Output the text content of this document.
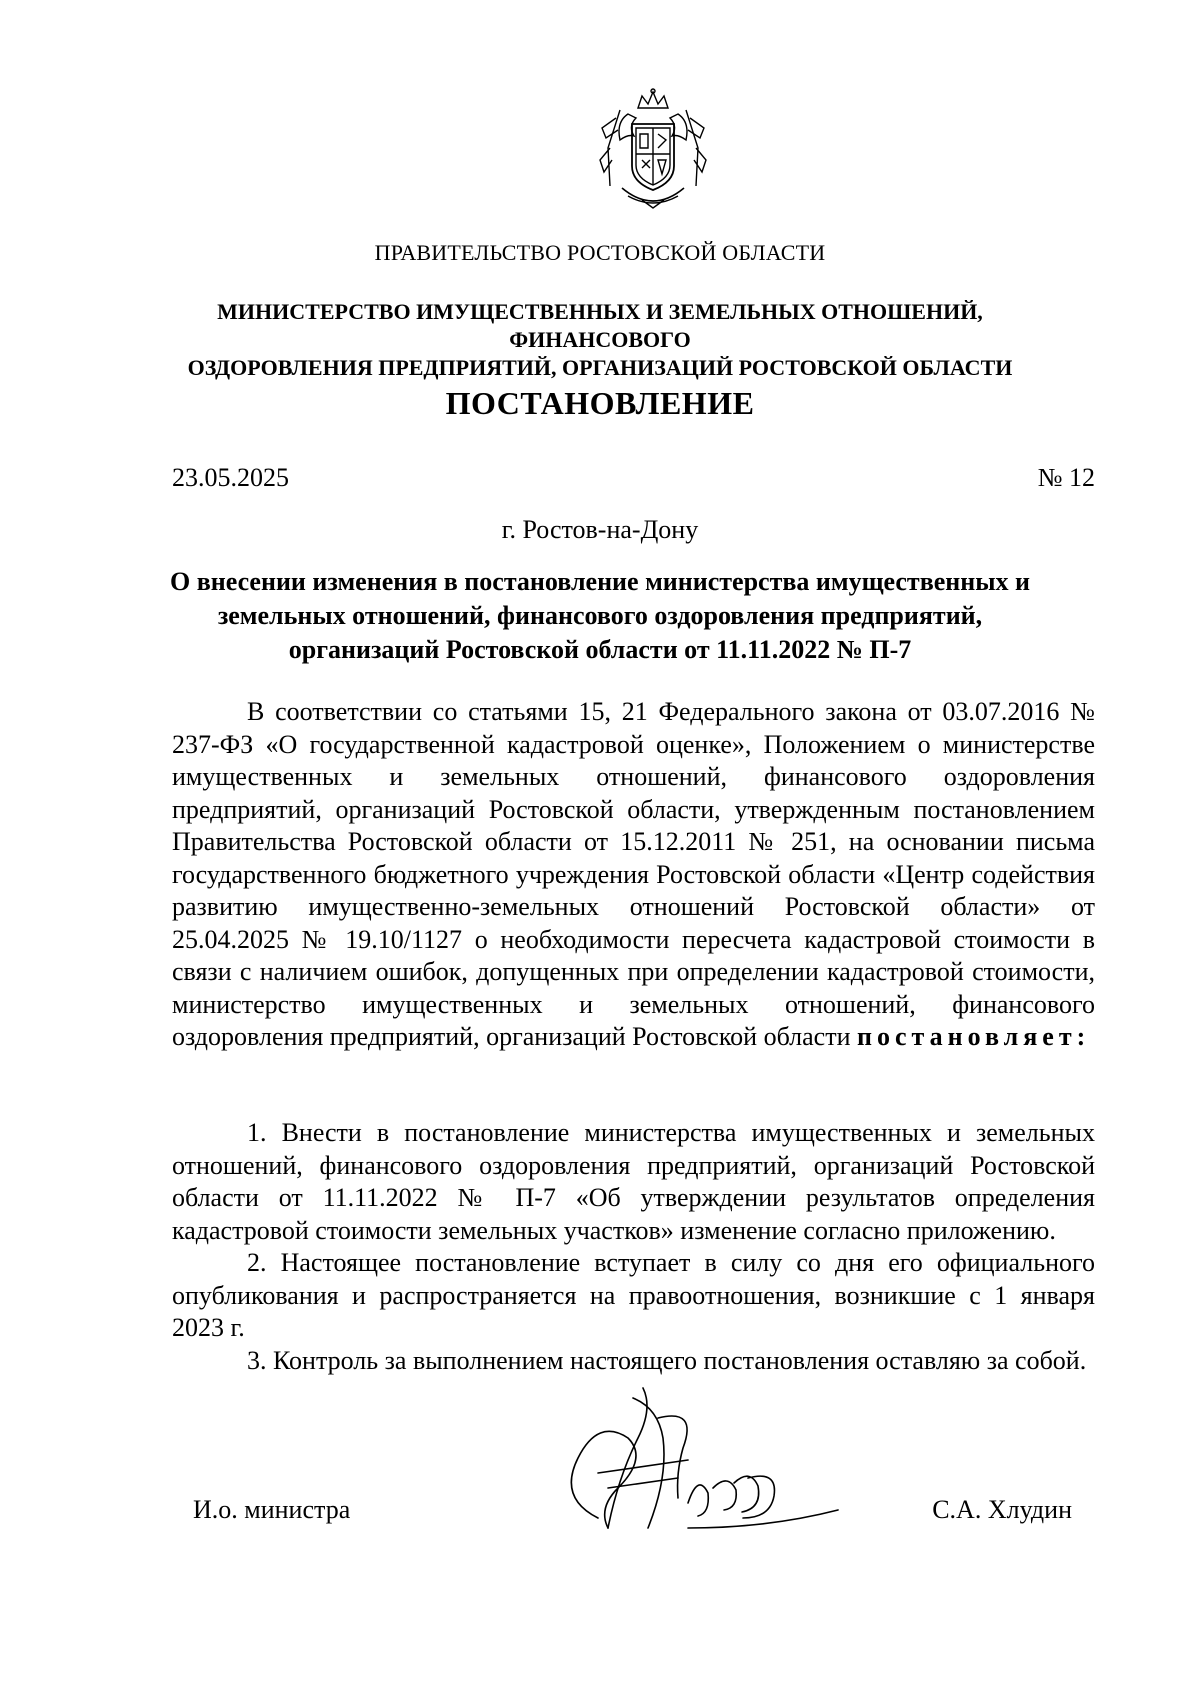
ПРАВИТЕЛЬСТВО РОСТОВСКОЙ ОБЛАСТИ
МИНИСТЕРСТВО ИМУЩЕСТВЕННЫХ И ЗЕМЕЛЬНЫХ ОТНОШЕНИЙ, ФИНАНСОВОГО
ОЗДОРОВЛЕНИЯ ПРЕДПРИЯТИЙ, ОРГАНИЗАЦИЙ РОСТОВСКОЙ ОБЛАСТИ
ПОСТАНОВЛЕНИЕ
23.05.2025	№ 12
г. Ростов-на-Дону
О внесении изменения в постановление министерства имущественных и
земельных отношений, финансового оздоровления предприятий,
организаций Ростовской области от 11.11.2022 № П-7

В соответствии со статьями 15, 21 Федерального закона от 03.07.2016 № 237-ФЗ «О государственной кадастровой оценке», Положением о министерстве имущественных и земельных отношений, финансового оздоровления предприятий, организаций Ростовской области, утвержденным постановлением Правительства Ростовской области от 15.12.2011 № 251, на основании письма государственного бюджетного учреждения Ростовской области «Центр содействия развитию имущественно-земельных отношений Ростовской области» от 25.04.2025 № 19.10/1127 о необходимости пересчета кадастровой стоимости в связи с наличием ошибок, допущенных при определении кадастровой стоимости, министерство имущественных и земельных отношений, финансового оздоровления предприятий, организаций Ростовской области постановляет:

1. Внести в постановление министерства имущественных и земельных отношений, финансового оздоровления предприятий, организаций Ростовской области от 11.11.2022 № П-7 «Об утверждении результатов определения кадастровой стоимости земельных участков» изменение согласно приложению.

2. Настоящее постановление вступает в силу со дня его официального опубликования и распространяется на правоотношения, возникшие с 1 января 2023 г.

3. Контроль за выполнением настоящего постановления оставляю за собой.

И.о. министра	С.А. Хлудин
